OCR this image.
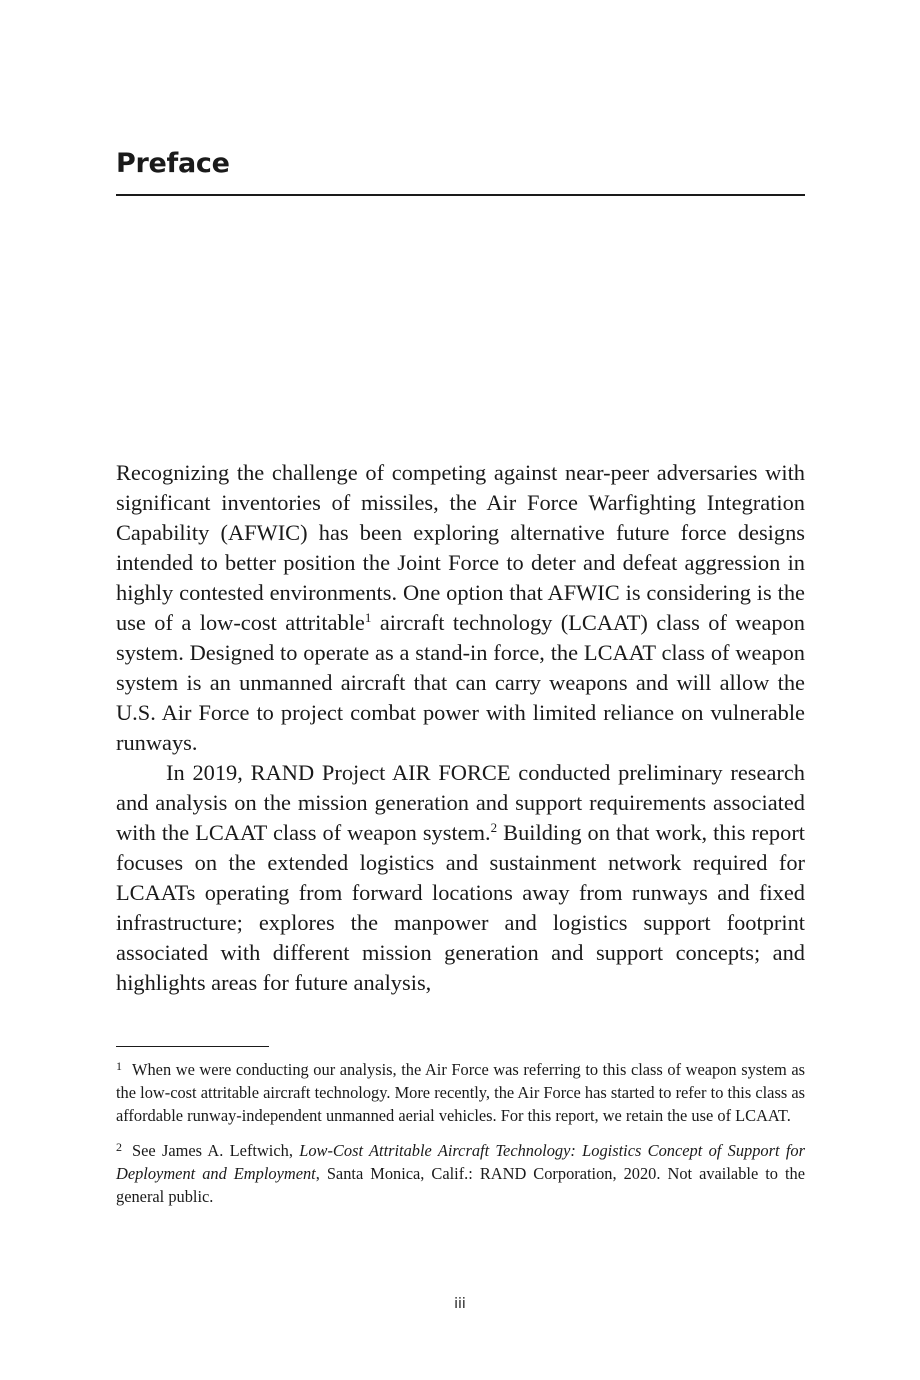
Preface

Recognizing the challenge of competing against near-peer adversaries with significant inventories of missiles, the Air Force Warfighting Integration Capability (AFWIC) has been exploring alternative future force designs intended to better position the Joint Force to deter and defeat aggression in highly contested environments. One option that AFWIC is considering is the use of a low-cost attritable$^1$ aircraft technology (LCAAT) class of weapon system. Designed to operate as a stand-in force, the LCAAT class of weapon system is an unmanned aircraft that can carry weapons and will allow the U.S. Air Force to project combat power with limited reliance on vulnerable runways.

In 2019, RAND Project AIR FORCE conducted preliminary research and analysis on the mission generation and support requirements associated with the LCAAT class of weapon system.$^2$ Building on that work, this report focuses on the extended logistics and sustainment network required for LCAATs operating from forward locations away from runways and fixed infrastructure; explores the manpower and logistics support footprint associated with different mission generation and support concepts; and highlights areas for future analysis,

$^1$ When we were conducting our analysis, the Air Force was referring to this class of weapon system as the low-cost attritable aircraft technology. More recently, the Air Force has started to refer to this class as affordable runway-independent unmanned aerial vehicles. For this report, we retain the use of LCAAT.

$^2$ See James A. Leftwich, Low-Cost Attritable Aircraft Technology: Logistics Concept of Support for Deployment and Employment, Santa Monica, Calif.: RAND Corporation, 2020. Not available to the general public.

iii
